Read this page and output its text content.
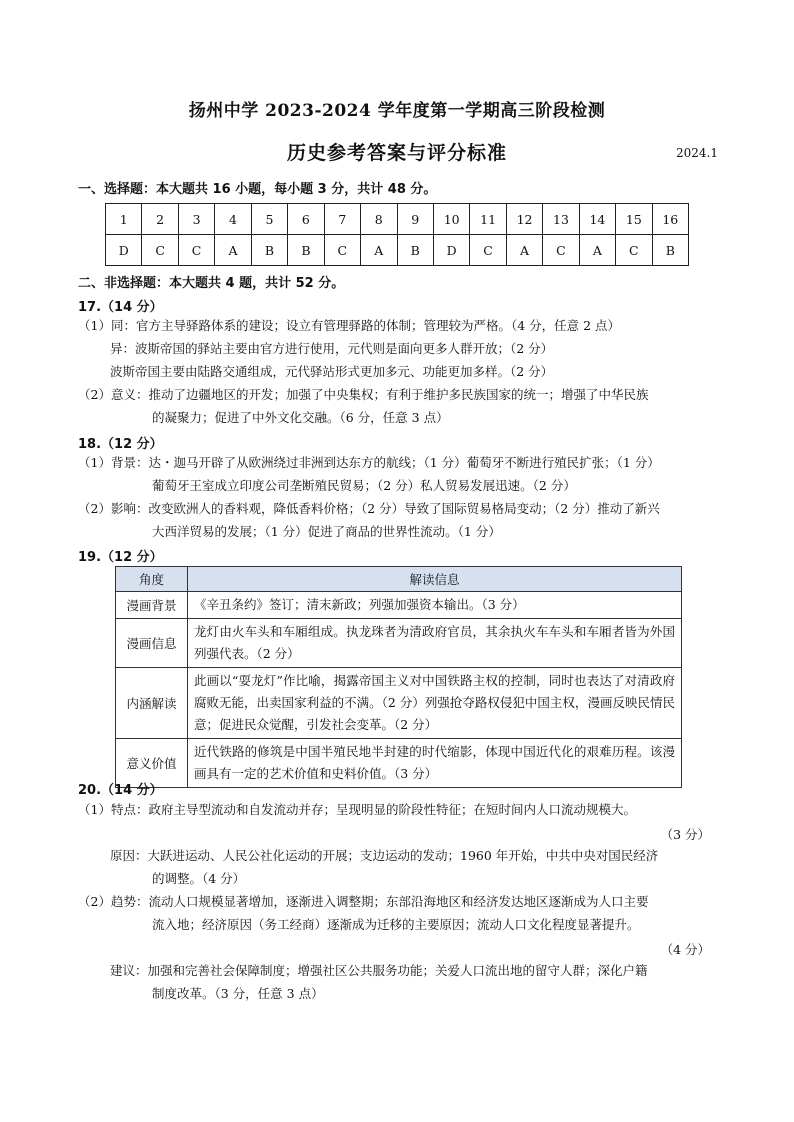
扬州中学 2023-2024 学年度第一学期高三阶段检测
历史参考答案与评分标准	2024.1
一、选择题：本大题共 16 小题，每小题 3 分，共计 48 分。
1	2	3	4	5	6	7	8	9	10	11	12	13	14	15	16
D	C	C	A	B	B	C	A	B	D	C	A	C	A	C	B
二、非选择题：本大题共 4 题，共计 52 分。
17.（14 分）
（1）同：官方主导驿路体系的建设；设立有管理驿路的体制；管理较为严格。（4 分，任意 2 点）
异：波斯帝国的驿站主要由官方进行使用，元代则是面向更多人群开放；（2 分）
波斯帝国主要由陆路交通组成，元代驿站形式更加多元、功能更加多样。（2 分）
（2）意义：推动了边疆地区的开发；加强了中央集权；有利于维护多民族国家的统一；增强了中华民族
的凝聚力；促进了中外文化交融。（6 分，任意 3 点）
18.（12 分）
（1）背景：达・迦马开辟了从欧洲绕过非洲到达东方的航线；（1 分）葡萄牙不断进行殖民扩张；（1 分）
葡萄牙王室成立印度公司垄断殖民贸易；（2 分）私人贸易发展迅速。（2 分）
（2）影响：改变欧洲人的香料观，降低香料价格；（2 分）导致了国际贸易格局变动；（2 分）推动了新兴
大西洋贸易的发展；（1 分）促进了商品的世界性流动。（1 分）
19.（12 分）
角度	解读信息
漫画背景	《辛丑条约》签订；清末新政；列强加强资本输出。（3 分）
漫画信息	龙灯由火车头和车厢组成。执龙珠者为清政府官员，其余执火车车头和车厢者皆为外国列强代表。（2 分）
内涵解读	此画以“耍龙灯”作比喻，揭露帝国主义对中国铁路主权的控制，同时也表达了对清政府腐败无能，出卖国家利益的不满。（2 分）列强抢夺路权侵犯中国主权，漫画反映民情民意；促进民众觉醒，引发社会变革。（2 分）
意义价值	近代铁路的修筑是中国半殖民地半封建的时代缩影，体现中国近代化的艰难历程。该漫画具有一定的艺术价值和史料价值。（3 分）
20.（14 分）
（1）特点：政府主导型流动和自发流动并存；呈现明显的阶段性特征；在短时间内人口流动规模大。
（3 分）
原因：大跃进运动、人民公社化运动的开展；支边运动的发动；1960 年开始，中共中央对国民经济
的调整。（4 分）
（2）趋势：流动人口规模显著增加，逐渐进入调整期；东部沿海地区和经济发达地区逐渐成为人口主要
流入地；经济原因（务工经商）逐渐成为迁移的主要原因；流动人口文化程度显著提升。
（4 分）
建议：加强和完善社会保障制度；增强社区公共服务功能；关爱人口流出地的留守人群；深化户籍
制度改革。（3 分，任意 3 点）
